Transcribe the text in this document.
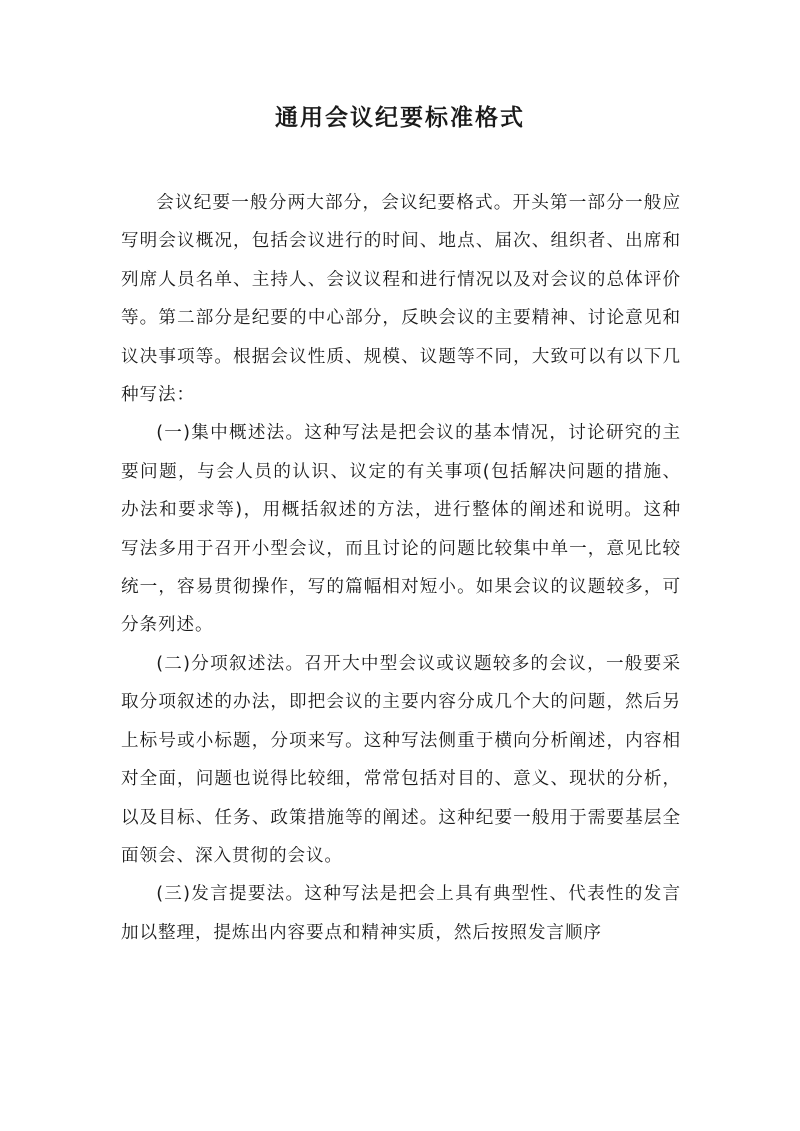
通用会议纪要标准格式

会议纪要一般分两大部分，会议纪要格式。开头第一部分一般应写明会议概况，包括会议进行的时间、地点、届次、组织者、出席和列席人员名单、主持人、会议议程和进行情况以及对会议的总体评价等。第二部分是纪要的中心部分，反映会议的主要精神、讨论意见和议决事项等。根据会议性质、规模、议题等不同，大致可以有以下几种写法：

(一)集中概述法。这种写法是把会议的基本情况，讨论研究的主要问题，与会人员的认识、议定的有关事项(包括解决问题的措施、办法和要求等)，用概括叙述的方法，进行整体的阐述和说明。这种写法多用于召开小型会议，而且讨论的问题比较集中单一，意见比较统一，容易贯彻操作，写的篇幅相对短小。如果会议的议题较多，可分条列述。

(二)分项叙述法。召开大中型会议或议题较多的会议，一般要采取分项叙述的办法，即把会议的主要内容分成几个大的问题，然后另上标号或小标题，分项来写。这种写法侧重于横向分析阐述，内容相对全面，问题也说得比较细，常常包括对目的、意义、现状的分析，以及目标、任务、政策措施等的阐述。这种纪要一般用于需要基层全面领会、深入贯彻的会议。

(三)发言提要法。这种写法是把会上具有典型性、代表性的发言加以整理，提炼出内容要点和精神实质，然后按照发言顺序
